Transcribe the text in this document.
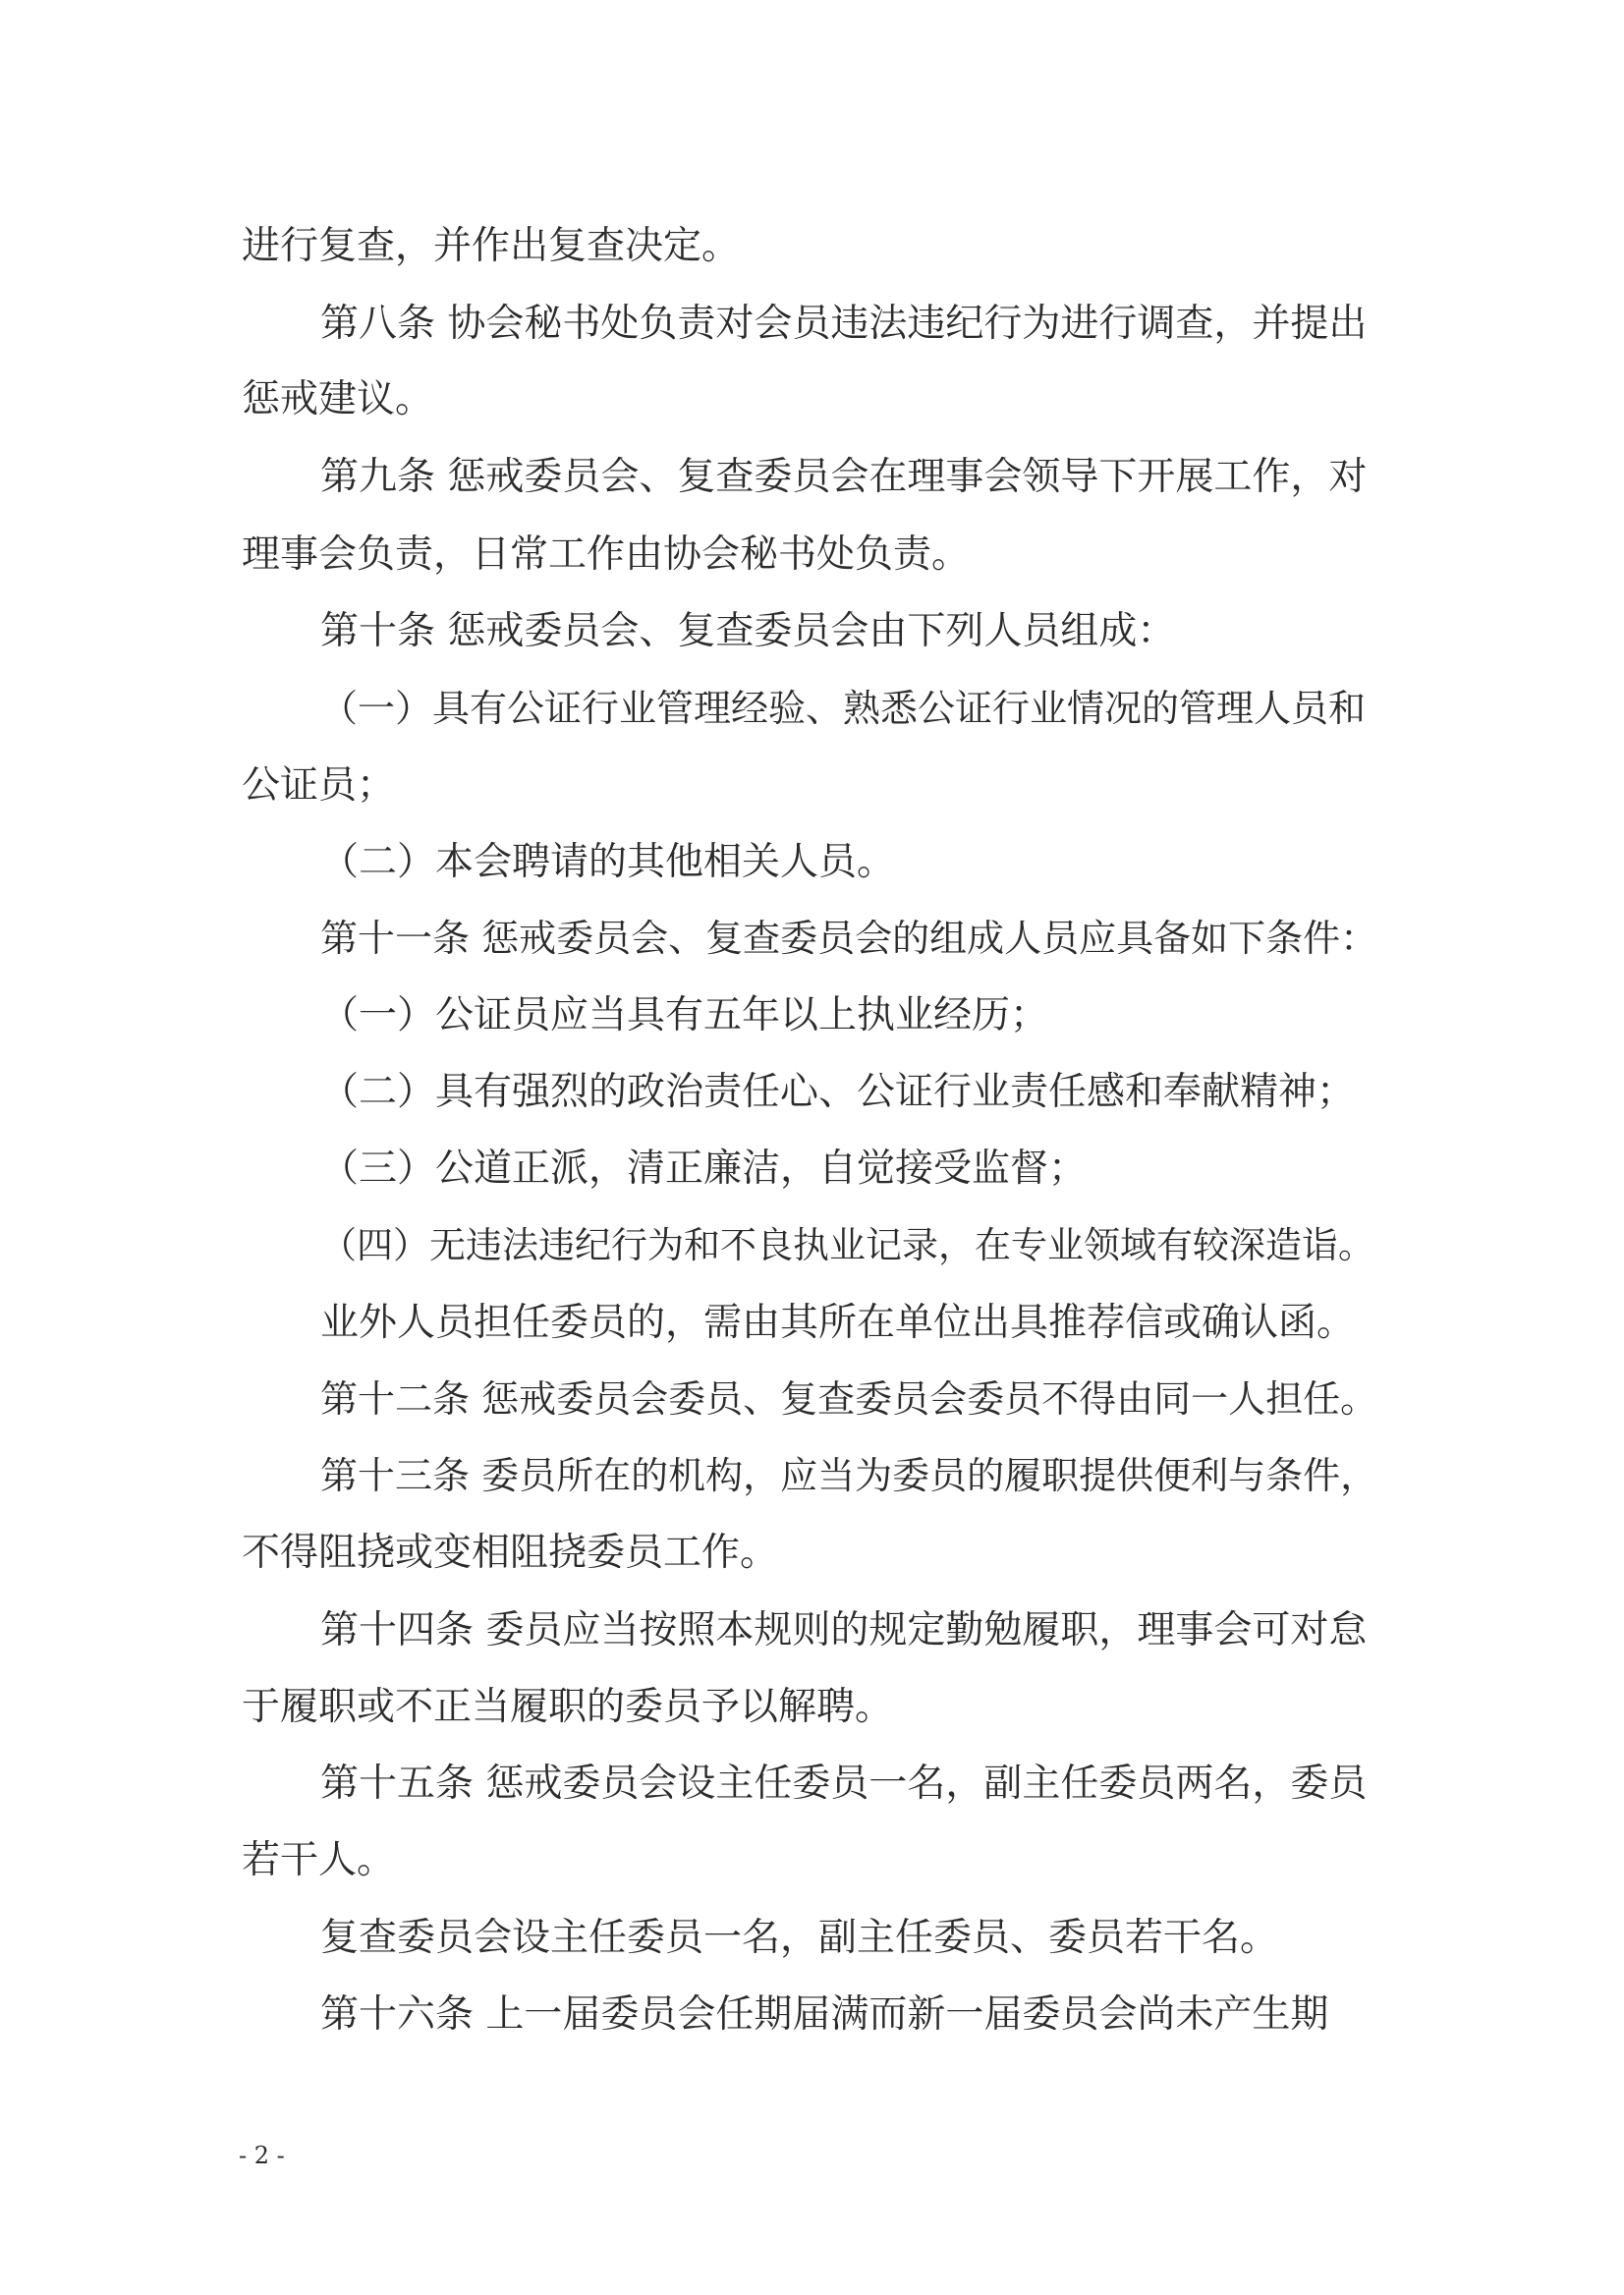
进行复查，并作出复查决定。
第八条 协会秘书处负责对会员违法违纪行为进行调查，并提出
惩戒建议。
第九条 惩戒委员会、复查委员会在理事会领导下开展工作，对
理事会负责，日常工作由协会秘书处负责。
第十条 惩戒委员会、复查委员会由下列人员组成：
（一）具有公证行业管理经验、熟悉公证行业情况的管理人员和
公证员；
（二）本会聘请的其他相关人员。
第十一条 惩戒委员会、复查委员会的组成人员应具备如下条件：
（一）公证员应当具有五年以上执业经历；
（二）具有强烈的政治责任心、公证行业责任感和奉献精神；
（三）公道正派，清正廉洁，自觉接受监督；
（四）无违法违纪行为和不良执业记录，在专业领域有较深造诣。
业外人员担任委员的，需由其所在单位出具推荐信或确认函。
第十二条 惩戒委员会委员、复查委员会委员不得由同一人担任。
第十三条 委员所在的机构，应当为委员的履职提供便利与条件，
不得阻挠或变相阻挠委员工作。
第十四条 委员应当按照本规则的规定勤勉履职，理事会可对怠
于履职或不正当履职的委员予以解聘。
第十五条 惩戒委员会设主任委员一名，副主任委员两名，委员
若干人。
复查委员会设主任委员一名，副主任委员、委员若干名。
第十六条 上一届委员会任期届满而新一届委员会尚未产生期
- 2 -
